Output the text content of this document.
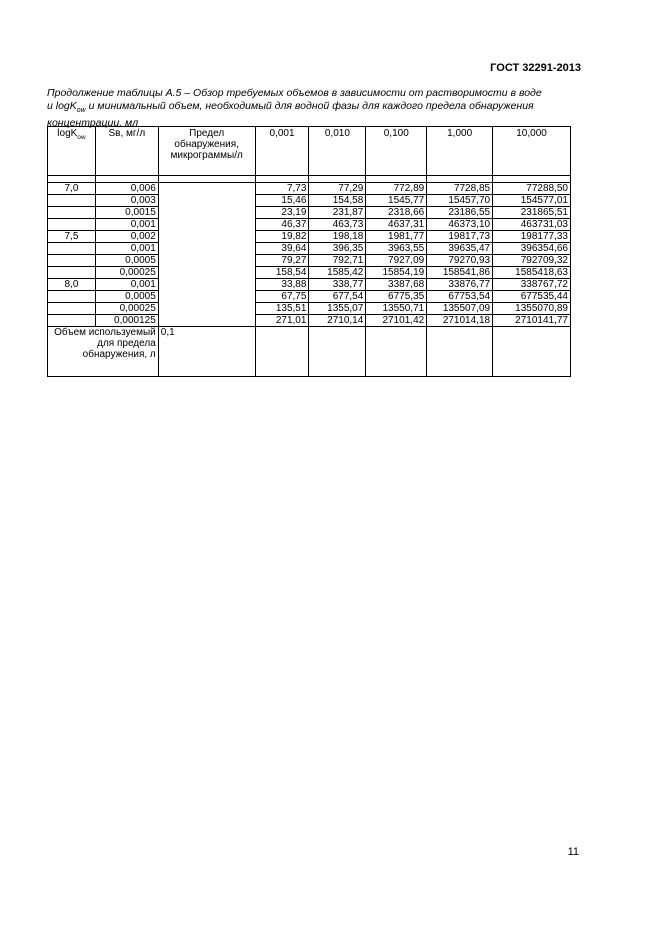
ГОСТ 32291-2013
Продолжение таблицы А.5 – Обзор требуемых объемов в зависимости от растворимости в воде
и logK$_{ow}$ и минимальный объем, необходимый для водной фазы для каждого предела обнаружения
концентрации, мл
logK$_{ow}$	Sв, мг/л	Предел обнаружения, микрограммы/л	0,001	0,010	0,100	1,000	10,000

7,0	0,006		7,73	77,29	772,89	7728,85	77288,50
	0,003		15,46	154,58	1545,77	15457,70	154577,01
	0,0015		23,19	231,87	2318,66	23186,55	231865,51
	0,001		46,37	463,73	4637,31	46373,10	463731,03
7,5	0,002		19,82	198,18	1981,77	19817,73	198177,33
	0,001		39,64	396,35	3963,55	39635,47	396354,66
	0,0005		79,27	792,71	7927,09	79270,93	792709,32
	0,00025		158,54	1585,42	15854,19	158541,86	1585418,63
8,0	0,001		33,88	338,77	3387,68	33876,77	338767,72
	0,0005		67,75	677,54	6775,35	67753,54	677535,44
	0,00025		135,51	1355,07	13550,71	135507,09	1355070,89
	0,000125		271,01	2710,14	27101,42	271014,18	2710141,77
Объем используемый для предела обнаружения, л		0,1					
11
